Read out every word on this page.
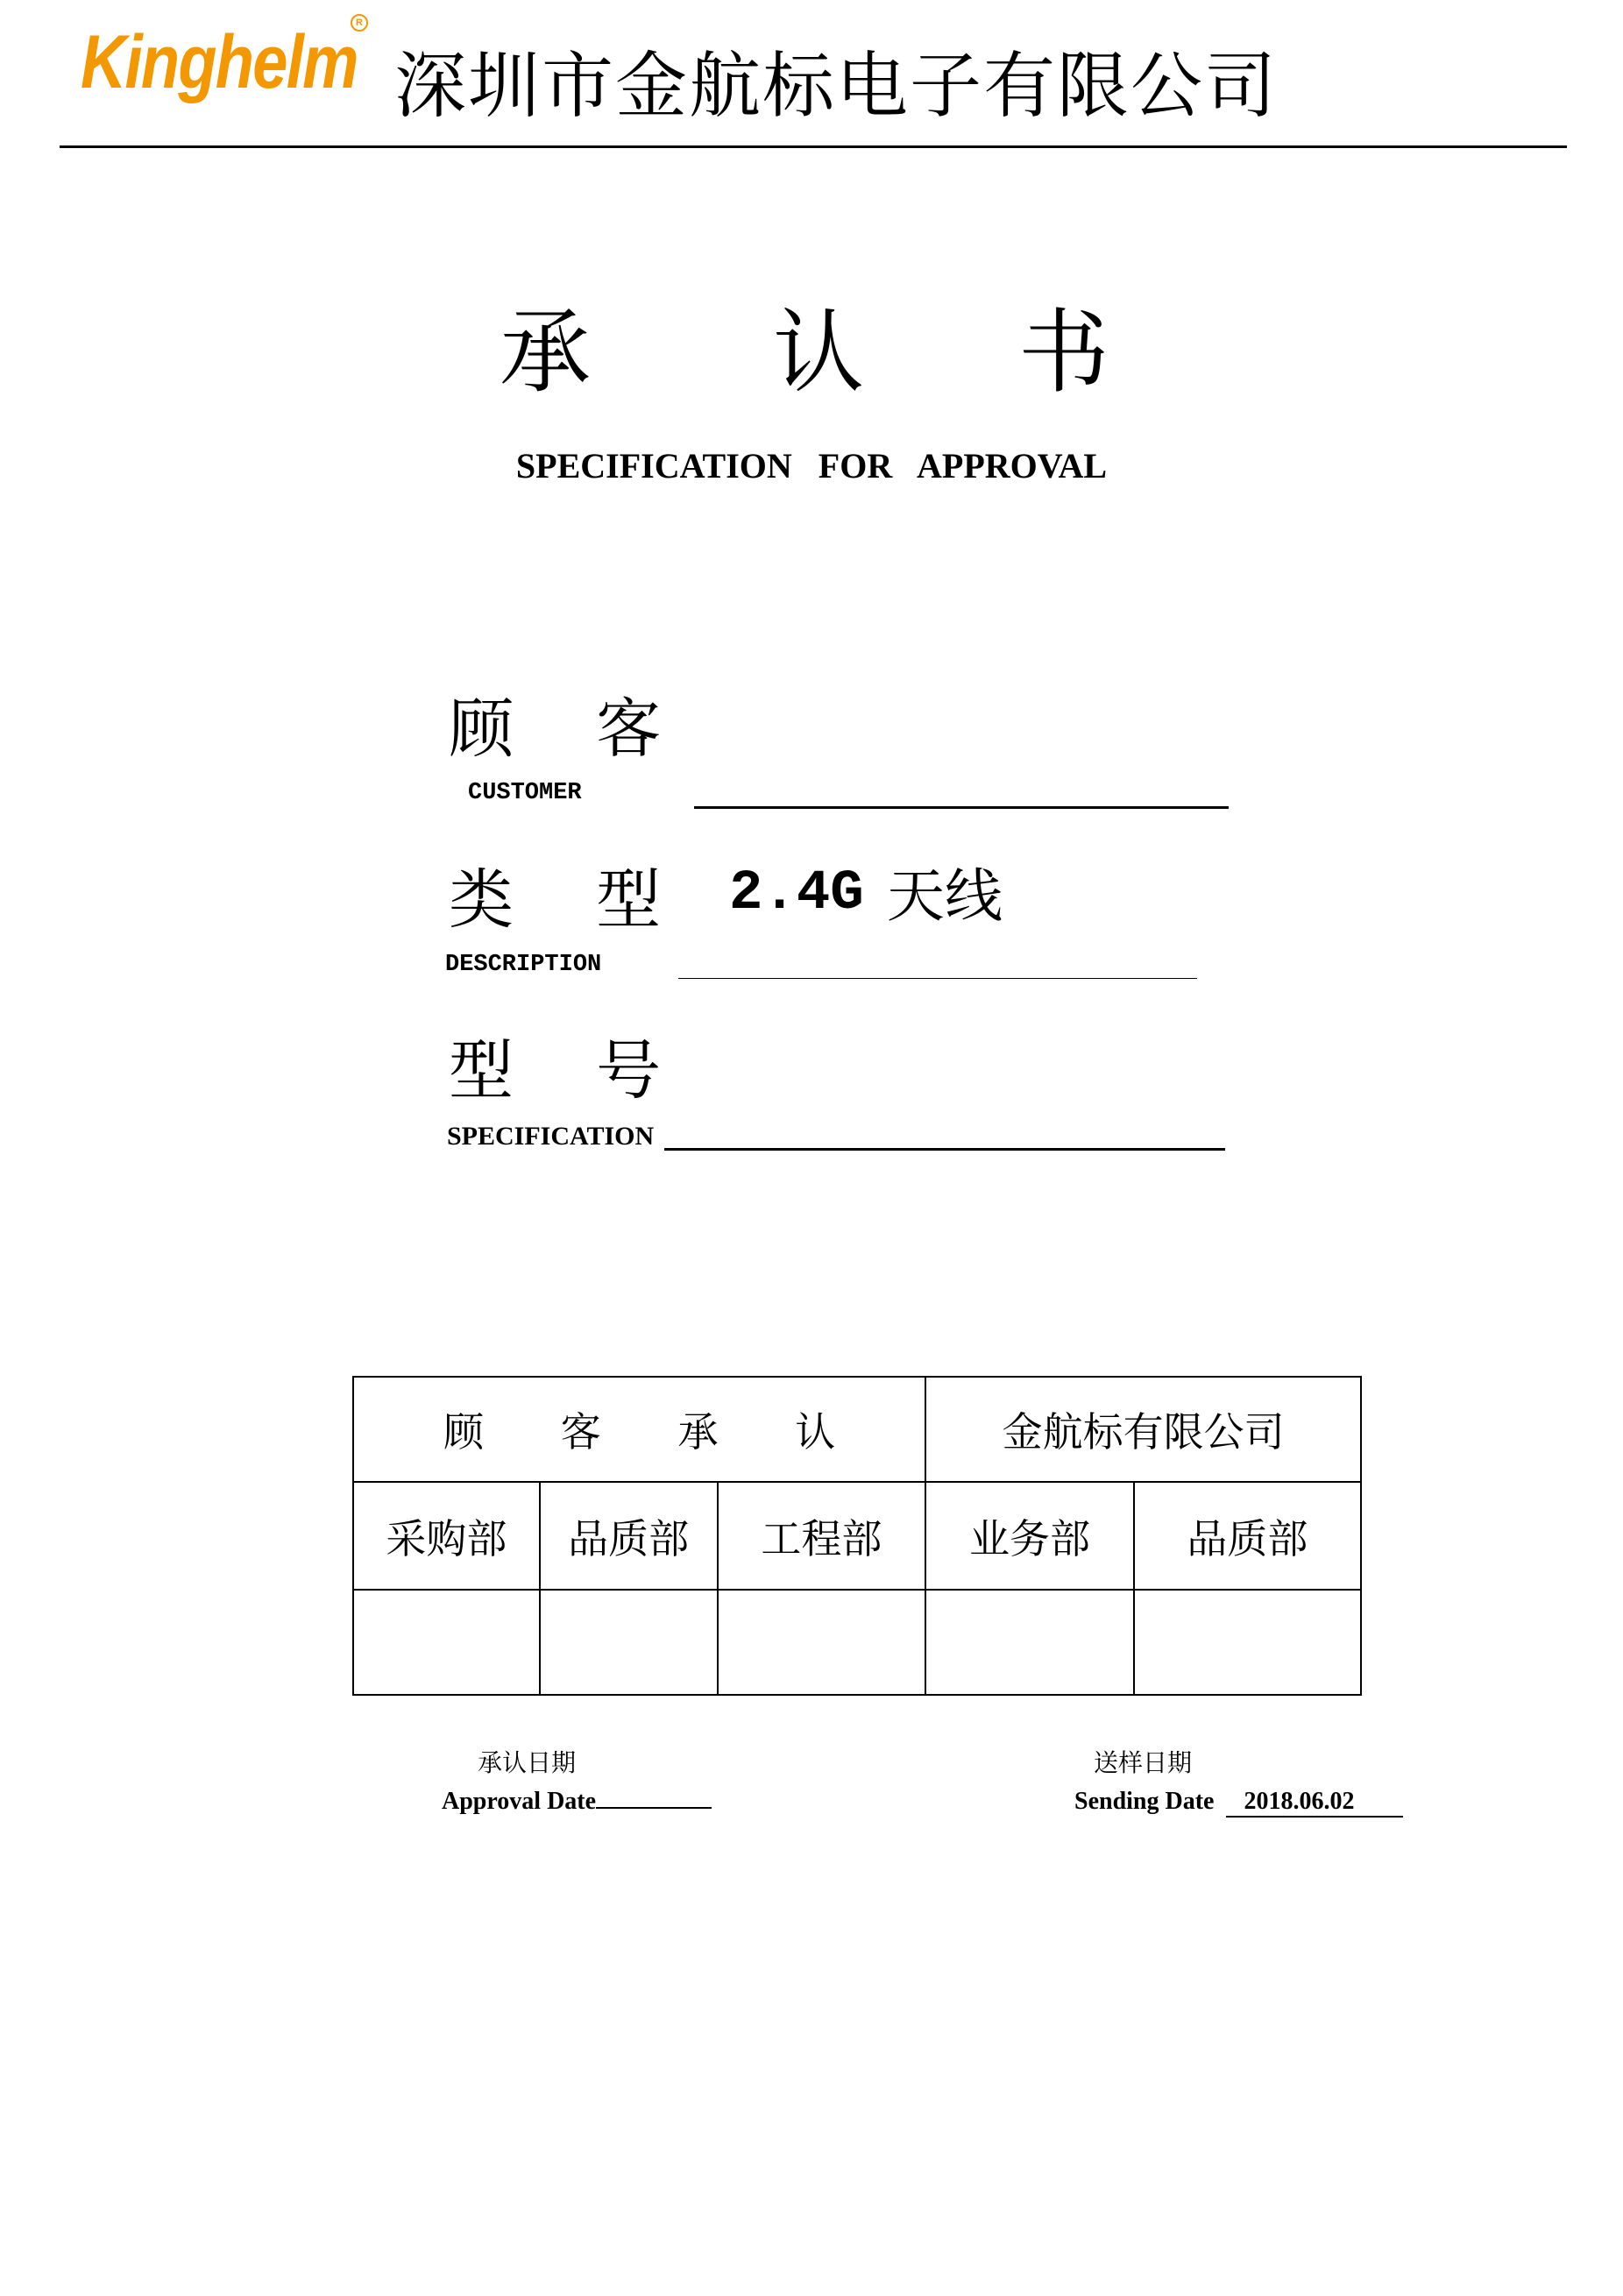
Kinghelm
R
深圳市金航标电子有限公司
承 认 书
SPECIFICATION   FOR   APPROVAL
顾    客
CUSTOMER
类    型
DESCRIPTION
2.4G 天线
型    号
SPECIFICATION
顾      客      承      认			金航标有限公司	
采购部	品质部	工程部	业务部	品质部

承认日期
Approval Date
送样日期
Sending Date 2018.06.02
